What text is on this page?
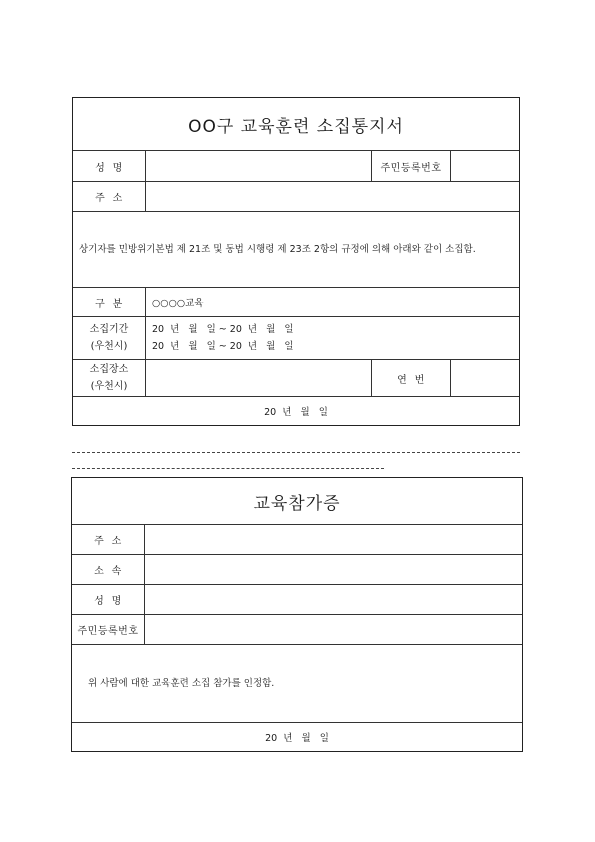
OO구 교육훈련 소집통지서
성  명	주민등록번호
주  소
상기자를 민방위기본법 제 21조 및 동법 시행령 제 23조 2항의 규정에 의해 아래와 같이 소집함.
구  분	○○○○교육
소집기간
(우천시)
20  년   월   일 ~ 20  년   월   일
20  년   월   일 ~ 20  년   월   일
소집장소
(우천시)
연  번
20  년   월   일
교육참가증
주  소
소  속
성  명
주민등록번호
위 사람에 대한 교육훈련 소집 참가를 인정함.
20  년   월   일
